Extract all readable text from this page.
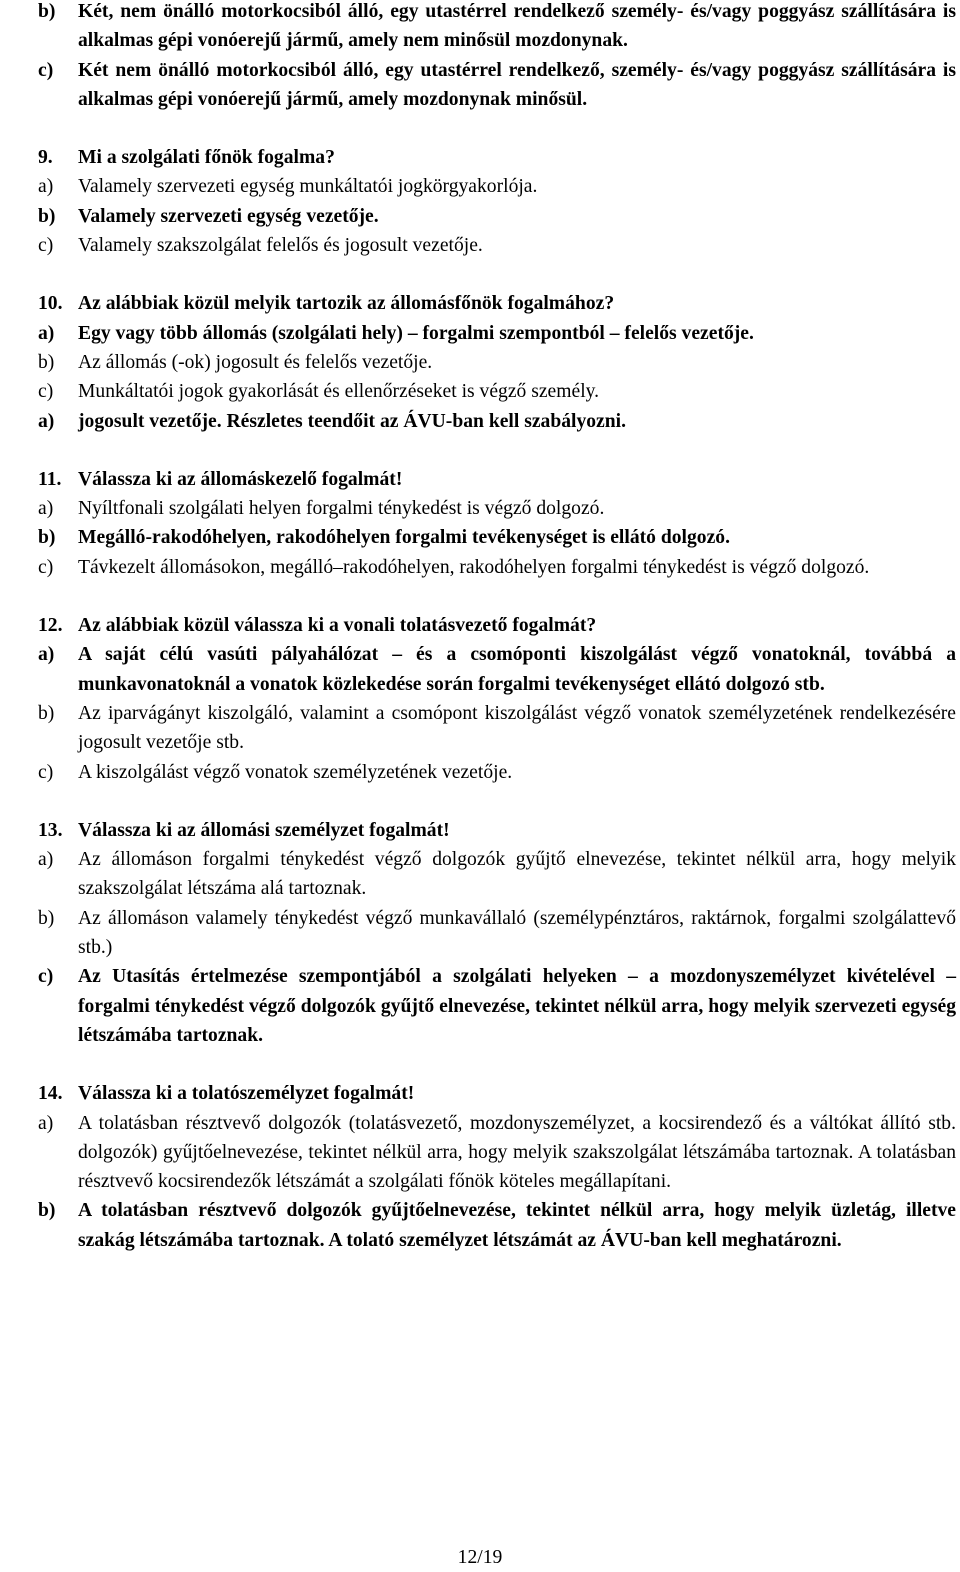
b) Két, nem önálló motorkocsiból álló, egy utastérrel rendelkező személy- és/vagy poggyász szállítására is alkalmas gépi vonóerejű jármű, amely nem minősül mozdonynak.
c) Két nem önálló motorkocsiból álló, egy utastérrel rendelkező, személy- és/vagy poggyász szállítására is alkalmas gépi vonóerejű jármű, amely mozdonynak minősül.
9. Mi a szolgálati főnök fogalma?
a) Valamely szervezeti egység munkáltatói jogkörgyakorlója.
b) Valamely szervezeti egység vezetője.
c) Valamely szakszolgálat felelős és jogosult vezetője.
10. Az alábbiak közül melyik tartozik az állomásfőnök fogalmához?
a) Egy vagy több állomás (szolgálati hely) – forgalmi szempontból – felelős vezetője.
b) Az állomás (-ok) jogosult és felelős vezetője.
c) Munkáltatói jogok gyakorlását és ellenőrzéseket is végző személy.
a) jogosult vezetője. Részletes teendőit az ÁVU-ban kell szabályozni.
11. Válassza ki az állomáskezelő fogalmát!
a) Nyíltfonali szolgálati helyen forgalmi ténykedést is végző dolgozó.
b) Megálló-rakodóhelyen, rakodóhelyen forgalmi tevékenységet is ellátó dolgozó.
c) Távkezelt állomásokon, megálló–rakodóhelyen, rakodóhelyen forgalmi ténykedést is végző dolgozó.
12. Az alábbiak közül válassza ki a vonali tolatásvezető fogalmát?
a) A saját célú vasúti pályahálózat – és a csomóponti kiszolgálást végző vonatoknál, továbbá a munkavonatoknál a vonatok közlekedése során forgalmi tevékenységet ellátó dolgozó stb.
b) Az iparvágányt kiszolgáló, valamint a csomópont kiszolgálást végző vonatok személyzetének rendelkezésére jogosult vezetője stb.
c) A kiszolgálást végző vonatok személyzetének vezetője.
13. Válassza ki az állomási személyzet fogalmát!
a) Az állomáson forgalmi ténykedést végző dolgozók gyűjtő elnevezése, tekintet nélkül arra, hogy melyik szakszolgálat létszáma alá tartoznak.
b) Az állomáson valamely ténykedést végző munkavállaló (személypénztáros, raktárnok, forgalmi szolgálattevő stb.)
c) Az Utasítás értelmezése szempontjából a szolgálati helyeken – a mozdonyszemélyzet kivételével – forgalmi ténykedést végző dolgozók gyűjtő elnevezése, tekintet nélkül arra, hogy melyik szervezeti egység létszámába tartoznak.
14. Válassza ki a tolatószemélyzet fogalmát!
a) A tolatásban résztvevő dolgozók (tolatásvezető, mozdonyszemélyzet, a kocsirendező és a váltókat állító stb. dolgozók) gyűjtőelnevezése, tekintet nélkül arra, hogy melyik szakszolgálat létszámába tartoznak. A tolatásban résztvevő kocsirendezők létszámát a szolgálati főnök köteles megállapítani.
b) A tolatásban résztvevő dolgozók gyűjtőelnevezése, tekintet nélkül arra, hogy melyik üzletág, illetve szakág létszámába tartoznak. A tolató személyzet létszámát az ÁVU-ban kell meghatározni.
12/19
